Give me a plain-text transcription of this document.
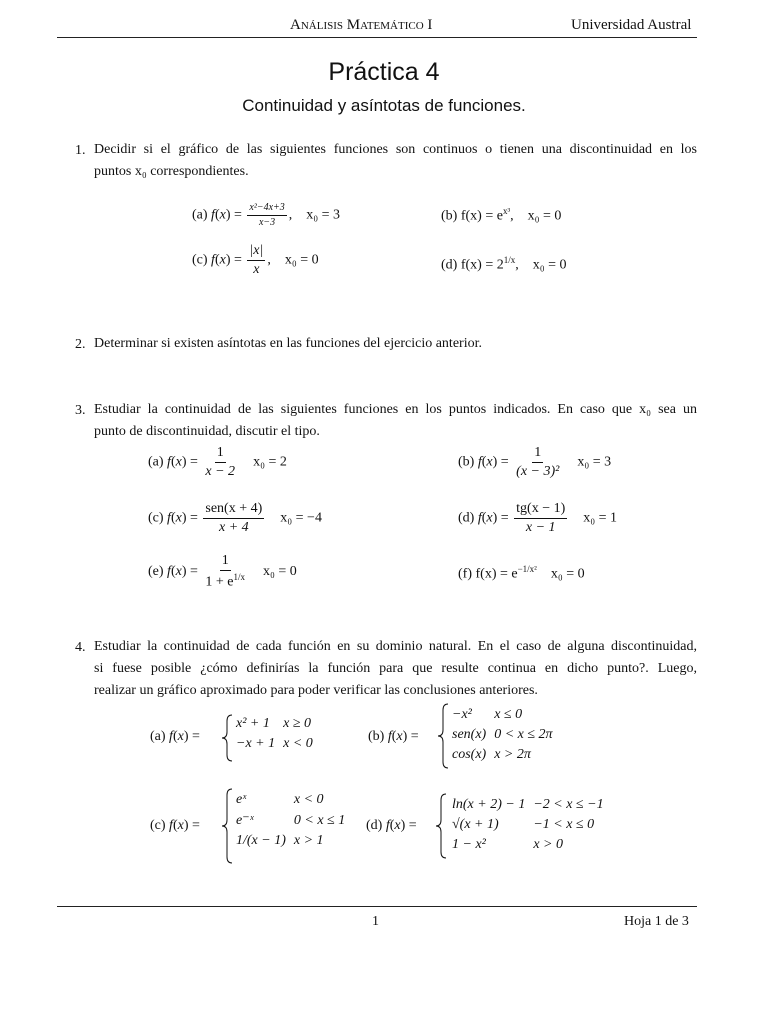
Análisis Matemático I	Universidad Austral
Práctica 4
Continuidad y asíntotas de funciones.
1. Decidir si el gráfico de las siguientes funciones son continuos o tienen una discontinuidad en los
puntos x₀ correspondientes.
(a) $f(x) = \frac{\text{x²−4x+3}}{x-3}$ ,    x₀ = 3	(b) $f(x) = e^{x^3}$,    x₀ = 0
(c) $f(x) = \frac{|x|}{x}$ ,    x₀ = 0	(d) $f(x) = 2^{1/x}$,    x₀ = 0
2. Determinar si existen asíntotas en las funciones del ejercicio anterior.
3. Estudiar la continuidad de las siguientes funciones en los puntos indicados. En caso que x₀ sea un
punto de discontinuidad, discutir el tipo.
(a) $f(x) = \frac{1}{x - 2} x_0 = 2$	(b) $f(x) = \frac{1}{\text{(x − 3)²}} x_0 = 3$
(c) $f(x) = \frac{\text{sen(x + 4)}}{x + 4} x_0 = -4$	(d) $f(x) = \frac{tg(x - 1)}{x - 1} x_0 = 1$
(e) $f(x) = \frac{1}{1 + e^{1/x}} x_0 = 0$	(f) $f(x) = e^{-1/x^2}$ x₀ = 0
4. Estudiar la continuidad de cada función en su dominio natural. En el caso de alguna discontinuidad,
si fuese posible ¿cómo definirías la función para que resulte continua en dicho punto?. Luego,
realizar un gráfico aproximado para poder verificar las conclusiones anteriores.
(a) f(x) =
x² + 1	x ≥ 0
−x + 1	x < 0	(b) f(x) =
−x²	x ≤ 0
sen(x)	0 < x ≤ 2π
cos(x)	x > 2π
(c) f(x) =
eˣ	x < 0
e⁻ˣ	0 < x ≤ 1
1/(x − 1)	x > 1
(d) f(x) =
ln(x + 2) − 1	−2 < x ≤ −1
√(x + 1)	−1 < x ≤ 0
1 − x²	x > 0
1	Hoja 1 de 3
